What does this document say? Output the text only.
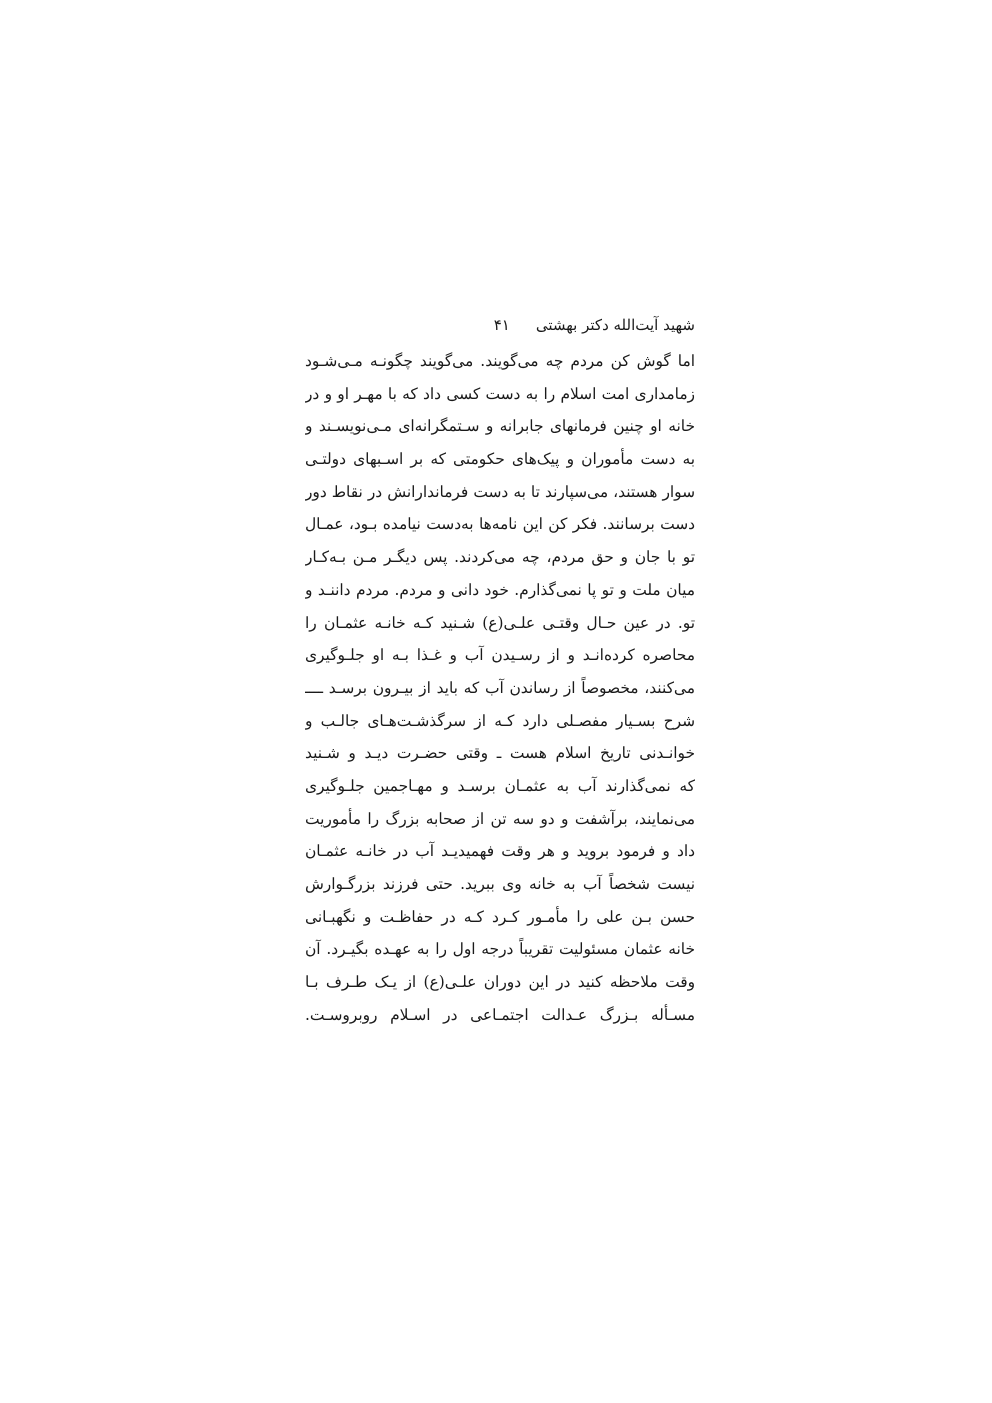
شهید آیت‌الله دکتر بهشتی
۴۱
اما گوش کن مردم چه می‌گویند. می‌گویند چگونـه مـی‌شـود
زمامداری امت اسلام را به دست کسی داد که با مهـر او و در
خانه او چنین فرمانهای جابرانه و سـتمگرانه‌ای مـی‌نویسـند و
به دست مأموران و پیک‌های حکومتی که بر اسـبهای دولتـی
سوار هستند، می‌سپارند تا به دست فرماندارانش در نقاط دور
دست برسانند. فکر کن این نامه‌ها به‌دست نیامده بـود، عمـال
تو با جان و حق مردم، چه می‌کردند. پس دیگـر مـن بـه‌کـار
میان ملت و تو پا نمی‌گذارم. خود دانی و مردم. مردم داننـد و
تو. در عین حـال وقتـی علـی(ع) شـنید کـه خانـه عثمـان را
محاصره کرده‌انـد و از رسـیدن آب و غـذا بـه او جلـوگیری
می‌کنند، مخصوصاً از رساندن آب که باید از بیـرون برسـد ــــ
شرح بسـیار مفصـلی دارد کـه از سرگذشـت‌هـای جالـب و
خوانـدنی تاریخ اسلام هست ـ وقتی حضـرت دیـد و شـنید
که نمی‌گذارند آب به عثمـان برسـد و مهـاجمین جلـوگیری
می‌نمایند، برآشفت و دو سه تن از صحابه بزرگ را مأموریت
داد و فرمود بروید و هر وقت فهمیدیـد آب در خانـه عثمـان
نیست شخصاً آب به خانه وی ببرید. حتی فرزند بزرگـوارش
حسن بـن علی را مأمـور کـرد کـه در حفاظـت و نگهبـانی
خانه عثمان مسئولیت تقریباً درجه اول را به عهـده بگیـرد. آن
وقت ملاحظه کنید در این دوران علـی(ع) از یـک طـرف بـا
مسـأله بـزرگ عـدالت اجتمـاعی در اسـلام روبروسـت.
